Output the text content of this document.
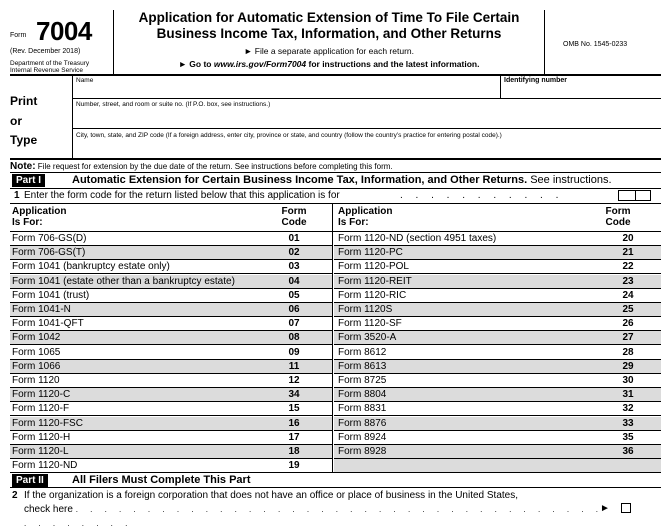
Form 7004
(Rev. December 2018)
Department of the Treasury
Internal Revenue Service
Application for Automatic Extension of Time To File Certain
Business Income Tax, Information, and Other Returns
► File a separate application for each return.
► Go to www.irs.gov/Form7004 for instructions and the latest information.
OMB No. 1545-0233
Print
or
Type
Name	Identifying number
Number, street, and room or suite no. (If P.O. box, see instructions.)
City, town, state, and ZIP code (If a foreign address, enter city, province or state, and country (follow the country’s practice for entering postal code).)
Note: File request for extension by the due date of the return. See instructions before completing this form.
Part I	Automatic Extension for Certain Business Income Tax, Information, and Other Returns. See instructions.
1 Enter the form code for the return listed below that this application is for	. . . . . . . . . . .
Application
Is For:
Form
Code
Application
Is For:
Form
Code
Form 706-GS(D)	01	Form 1120-ND (section 4951 taxes)	20
Form 706-GS(T)	02	Form 1120-PC	21
Form 1041 (bankruptcy estate only)	03	Form 1120-POL	22
Form 1041 (estate other than a bankruptcy estate)	04	Form 1120-REIT	23
Form 1041 (trust)	05	Form 1120-RIC	24
Form 1041-N	06	Form 1120S	25
Form 1041-QFT	07	Form 1120-SF	26
Form 1042	08	Form 3520-A	27
Form 1065	09	Form 8612	28
Form 1066	11	Form 8613	29
Form 1120	12	Form 8725	30
Form 1120-C	34	Form 8804	31
Form 1120-F	15	Form 8831	32
Form 1120-FSC	16	Form 8876	33
Form 1120-H	17	Form 8924	35
Form 1120-L	18	Form 8928	36
Form 1120-ND	19
Part II	All Filers Must Complete This Part
2 If the organization is a foreign corporation that does not have an office or place of business in the United States,
check here . . . . . . . . . . . . . . . . . . . . . . . . . . . . . . . . . . . . . . . . . . . . .
►
